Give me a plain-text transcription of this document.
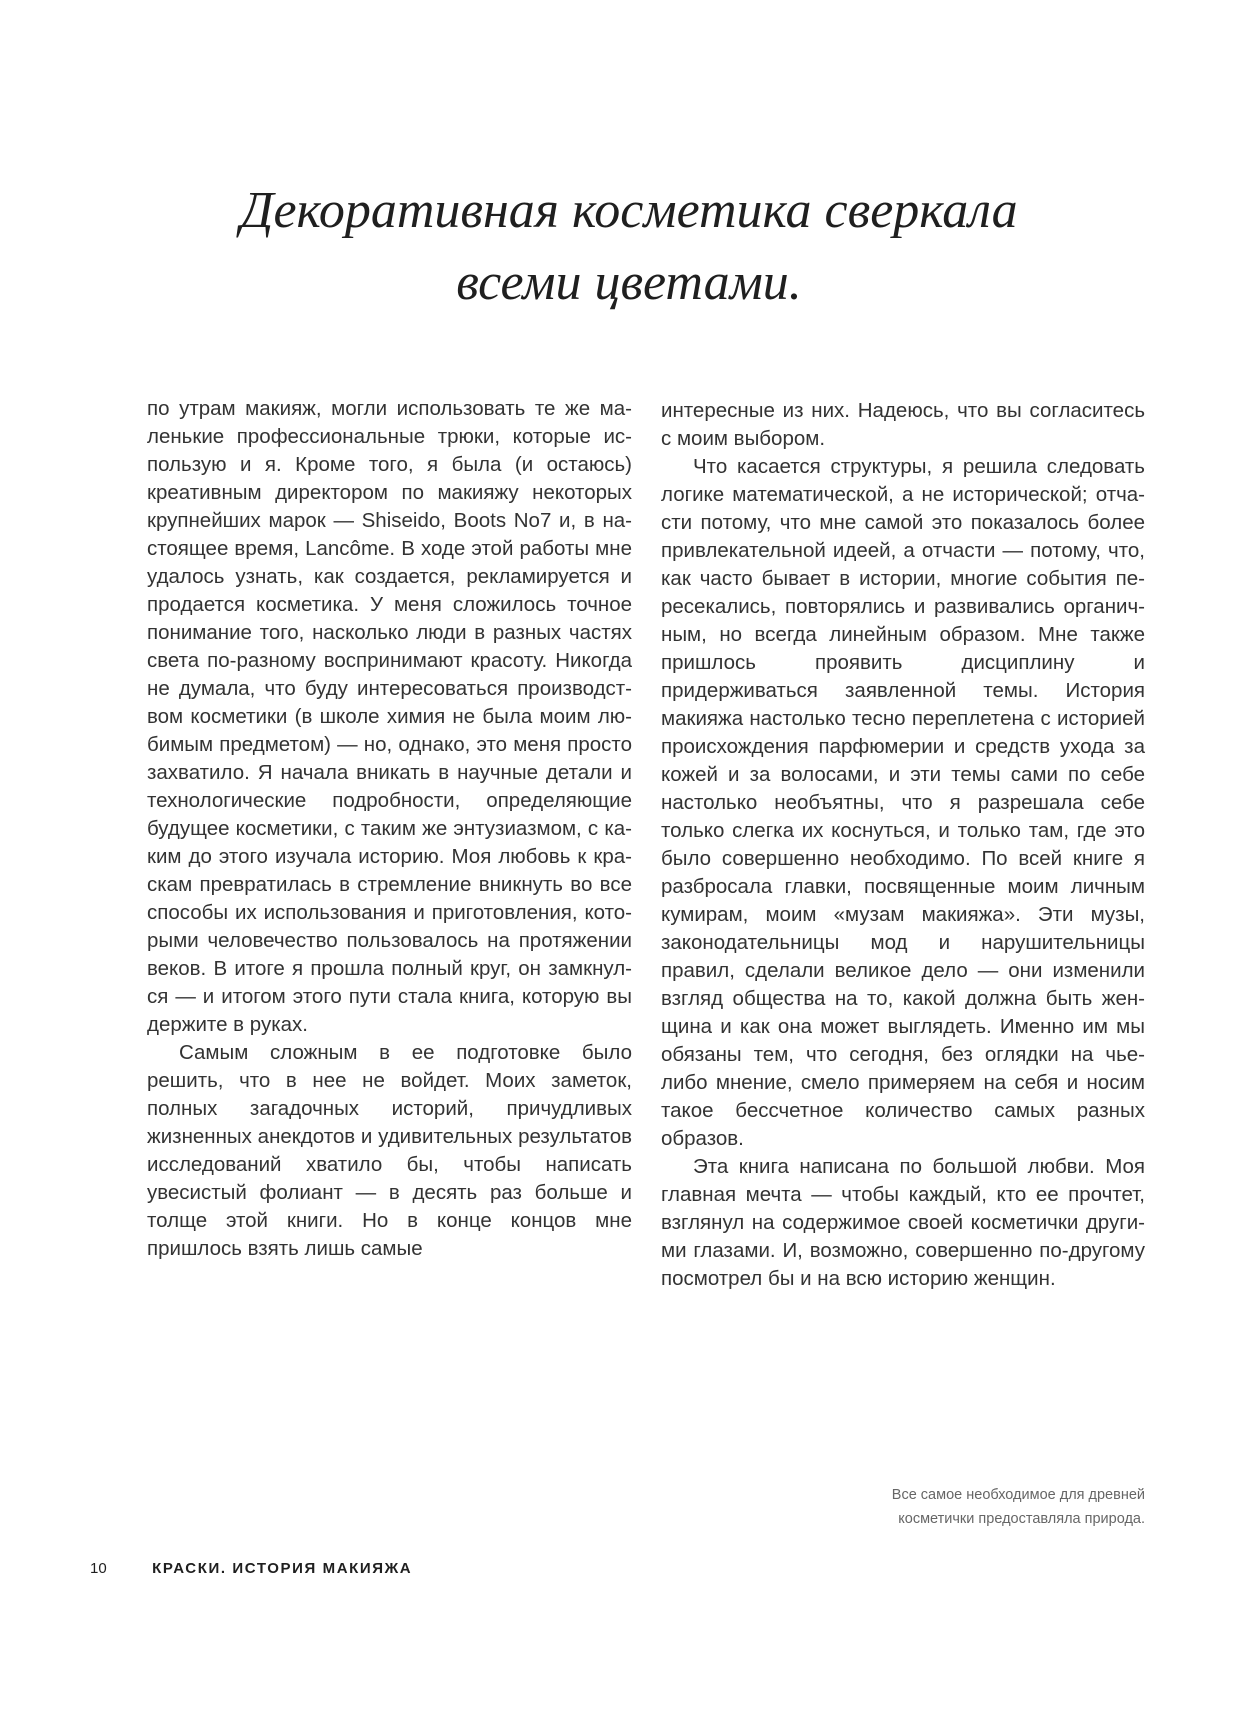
Декоративная косметика сверкала
всеми цветами.

по утрам макияж, могли использовать те же маленькие профессиональные трюки, которые использую и я. Кроме того, я была (и остаюсь) креативным директором по макияжу некоторых крупнейших марок — Shiseido, Boots No7 и, в настоящее время, Lancôme. В ходе этой работы мне удалось узнать, как создается, рекламируется и продается косметика. У меня сложилось точное понимание того, насколько люди в разных частях света по-разному воспринимают красоту. Никогда не думала, что буду интересоваться производством косметики (в школе химия не была моим любимым предметом) — но, однако, это меня просто захватило. Я начала вникать в научные детали и технологические подробности, определяющие будущее косметики, с таким же энтузиазмом, с каким до этого изучала историю. Моя любовь к краскам превратилась в стремление вникнуть во все способы их использования и приготовления, которыми человечество пользовалось на протяжении веков. В итоге я прошла полный круг, он замкнулся — и итогом этого пути стала книга, которую вы держите в руках.

Самым сложным в ее подготовке было решить, что в нее не войдет. Моих заметок, полных загадочных историй, причудливых жизненных анекдотов и удивительных результатов исследований хватило бы, чтобы написать увесистый фолиант — в десять раз больше и толще этой книги. Но в конце концов мне пришлось взять лишь самые

интересные из них. Надеюсь, что вы согласитесь с моим выбором.

Что касается структуры, я решила следовать логике математической, а не исторической; отчасти потому, что мне самой это показалось более привлекательной идеей, а отчасти — потому, что, как часто бывает в истории, многие события пересекались, повторялись и развивались органичным, но всегда линейным образом. Мне также пришлось проявить дисциплину и придерживаться заявленной темы. История макияжа настолько тесно переплетена с историей происхождения парфюмерии и средств ухода за кожей и за волосами, и эти темы сами по себе настолько необъятны, что я разрешала себе только слегка их коснуться, и только там, где это было совершенно необходимо. По всей книге я разбросала главки, посвященные моим личным кумирам, моим «музам макияжа». Эти музы, законодательницы мод и нарушительницы правил, сделали великое дело — они изменили взгляд общества на то, какой должна быть женщина и как она может выглядеть. Именно им мы обязаны тем, что сегодня, без оглядки на чье-либо мнение, смело примеряем на себя и носим такое бессчетное количество самых разных образов.

Эта книга написана по большой любви. Моя главная мечта — чтобы каждый, кто ее прочтет, взглянул на содержимое своей косметички другими глазами. И, возможно, совершенно по-другому посмотрел бы и на всю историю женщин.

Все самое необходимое для древней
косметички предоставляла природа.
10	КРАСКИ. ИСТОРИЯ МАКИЯЖА
